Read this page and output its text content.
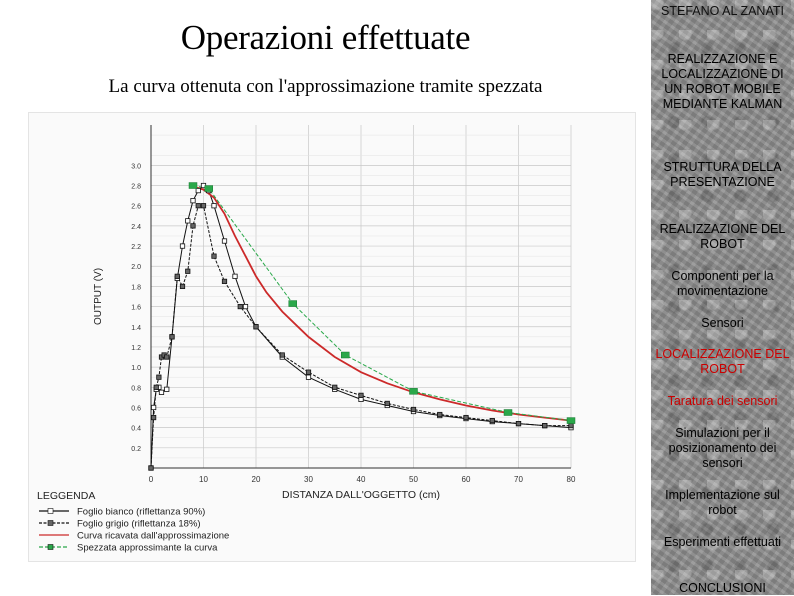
Operazioni effettuate
La curva ottenuta con l'approssimazione tramite spezzata
0	10	20	30	40	50	60	70	80
0.2
0.4
0.6
0.8
1.0
1.2
1.4
1.6
1.8
2.0
2.2
2.4
2.6
2.8
3.0
DISTANZA DALL'OGGETTO (cm)
OUTPUT (V)
LEGGENDA
Foglio bianco (riflettanza 90%)
Foglio grigio (riflettanza 18%)
Curva ricavata dall'approssimazione
Spezzata approssimante la curva
STEFANO AL ZANATI
REALIZZAZIONE E LOCALIZZAZIONE DI UN ROBOT MOBILE MEDIANTE KALMAN
STRUTTURA DELLA PRESENTAZIONE
REALIZZAZIONE DEL ROBOT
Componenti per la movimentazione
Sensori
LOCALIZZAZIONE DEL ROBOT
Taratura dei sensori
Simulazioni per il posizionamento dei sensori
Implementazione sul robot
Esperimenti effettuati
CONCLUSIONI
